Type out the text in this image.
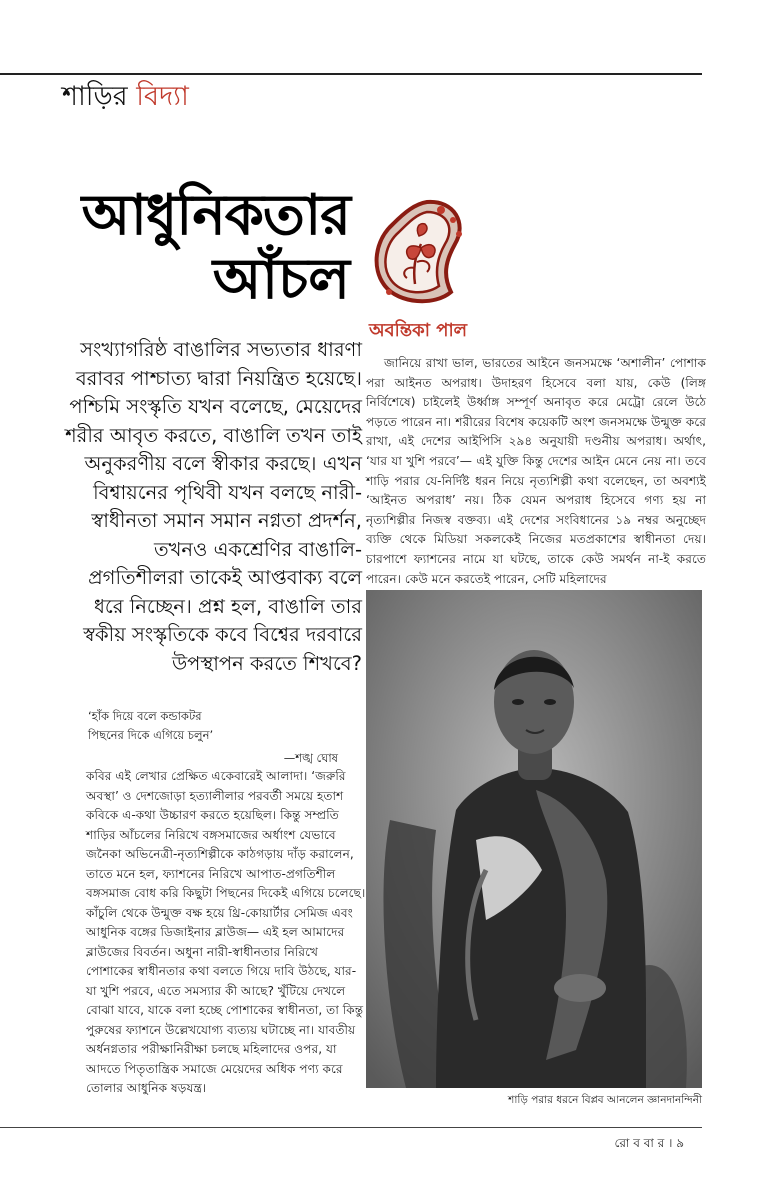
শাড়ির বিদ্যা
আধুনিকতার
আঁচল
অবন্তিকা পাল
সংখ্যাগরিষ্ঠ বাঙালির সভ্যতার ধারণা বরাবর পাশ্চাত্য দ্বারা নিয়ন্ত্রিত হয়েছে। পশ্চিমি সংস্কৃতি যখন বলেছে, মেয়েদের শরীর আবৃত করতে, বাঙালি তখন তাই অনুকরণীয় বলে স্বীকার করছে। এখন বিশ্বায়নের পৃথিবী যখন বলছে নারী-স্বাধীনতা সমান সমান নগ্নতা প্রদর্শন, তখনও একশ্রেণির বাঙালি-প্রগতিশীলরা তাকেই আপ্তবাক্য বলে ধরে নিচ্ছেন। প্রশ্ন হল, বাঙালি তার স্বকীয় সংস্কৃতিকে কবে বিশ্বের দরবারে উপস্থাপন করতে শিখবে?
জানিয়ে রাখা ভাল, ভারতের আইনে জনসমক্ষে ‘অশালীন’ পোশাক পরা আইনত অপরাধ। উদাহরণ হিসেবে বলা যায়, কেউ (লিঙ্গ নির্বিশেষে) চাইলেই উর্ধ্বাঙ্গ সম্পূর্ণ অনাবৃত করে মেট্রো রেলে উঠে পড়তে পারেন না। শরীরের বিশেষ কয়েকটি অংশ জনসমক্ষে উন্মুক্ত করে রাখা, এই দেশের আইপিসি ২৯৪ অনুযায়ী দণ্ডনীয় অপরাধ। অর্থাৎ, ‘যার যা খুশি পরবে’— এই যুক্তি কিন্তু দেশের আইন মেনে নেয় না। তবে শাড়ি পরার যে-নির্দিষ্ট ধরন নিয়ে নৃত্যশিল্পী কথা বলেছেন, তা অবশ্যই ‘আইনত অপরাধ’ নয়। ঠিক যেমন অপরাধ হিসেবে গণ্য হয় না নৃত্যশিল্পীর নিজস্ব বক্তব্য। এই দেশের সংবিধানের ১৯ নম্বর অনুচ্ছেদ ব্যক্তি থেকে মিডিয়া সকলকেই নিজের মতপ্রকাশের স্বাধীনতা দেয়। চারপাশে ফ্যাশনের নামে যা ঘটছে, তাকে কেউ সমর্থন না-ই করতে পারেন। কেউ মনে করতেই পারেন, সেটি মহিলাদের
‘হাঁক দিয়ে বলে কন্ডাকটর
পিছনের দিকে এগিয়ে চলুন’
—শঙ্খ ঘোষ
কবির এই লেখার প্রেক্ষিত একেবারেই আলাদা। ‘জরুরি অবস্থা’ ও দেশজোড়া হত্যালীলার পরবর্তী সময়ে হতাশ কবিকে এ-কথা উচ্চারণ করতে হয়েছিল। কিন্তু সম্প্রতি শাড়ির আঁচলের নিরিখে বঙ্গসমাজের অর্ধাংশ যেভাবে জনৈকা অভিনেত্রী-নৃত্যশিল্পীকে কাঠগড়ায় দাঁড় করালেন, তাতে মনে হল, ফ্যাশনের নিরিখে আপাত-প্রগতিশীল বঙ্গসমাজ বোধ করি কিছুটা পিছনের দিকেই এগিয়ে চলেছে। কাঁচুলি থেকে উন্মুক্ত বক্ষ হয়ে থ্রি-কোয়ার্টার সেমিজ এবং আধুনিক বঙ্গের ডিজাইনার ব্লাউজ— এই হল আমাদের ব্লাউজের বিবর্তন। অধুনা নারী-স্বাধীনতার নিরিখে পোশাকের স্বাধীনতার কথা বলতে গিয়ে দাবি উঠছে, যার-যা খুশি পরবে, এতে সমস্যার কী আছে? খুঁটিয়ে দেখলে বোঝা যাবে, যাকে বলা হচ্ছে পোশাকের স্বাধীনতা, তা কিন্তু পুরুষের ফ্যাশনে উল্লেখযোগ্য ব্যত্যয় ঘটাচ্ছে না। যাবতীয় অর্ধনগ্নতার পরীক্ষানিরীক্ষা চলছে মহিলাদের ওপর, যা আদতে পিতৃতান্ত্রিক সমাজে মেয়েদের অধিক পণ্য করে তোলার আধুনিক ষড়যন্ত্র।
শাড়ি পরার ধরনে বিপ্লব আনলেন জ্ঞানদানন্দিনী
রো ব বা র । ৯
